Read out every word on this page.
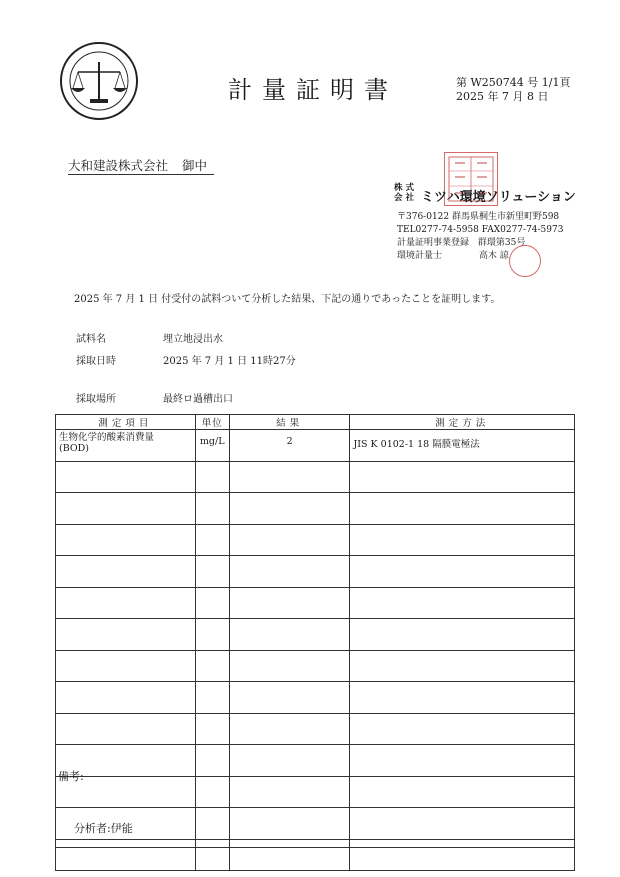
計量証明書	第 W250744 号 1/1頁
2025 年 7 月 8 日
大和建設株式会社 御中
株 式
会 社 ミツハ環境ソリューション
〒376-0122 群馬県桐生市新里町野598
TEL0277-74-5958 FAX0277-74-5973
計量証明事業登録 群環第35号
環境計量士	高木 諒
2025 年 7 月 1 日 付受付の試料ついて分析した結果、下記の通りであったことを証明します。
試料名	埋立地浸出水
採取日時	2025 年 7 月 1 日 11時27分
採取場所	最終ロ過槽出口
測定項目	単位	結果	測定方法

生物化学的酸素消費量
(BOD)	mg/L	2	JIS K 0102-1 18 隔膜電極法

備考:
分析者:伊能
